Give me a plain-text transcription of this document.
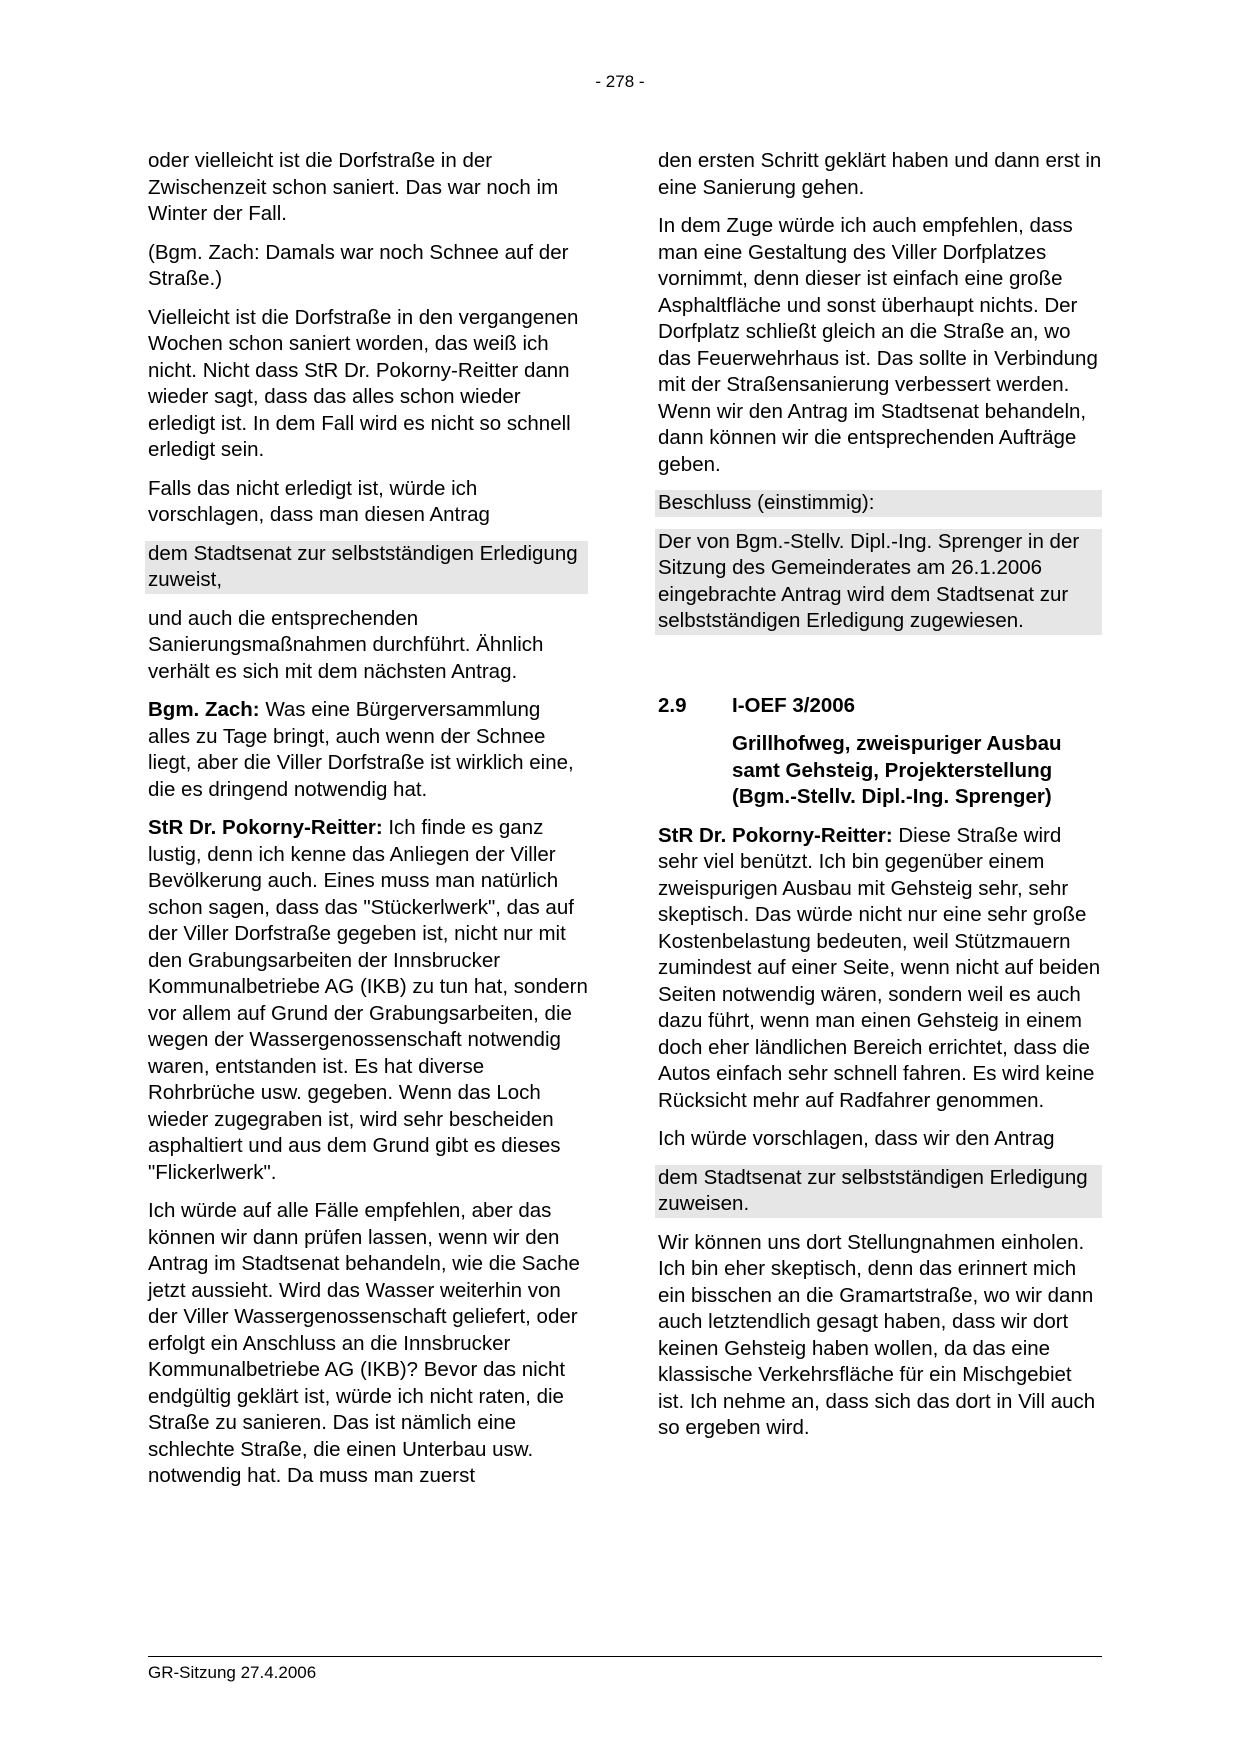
- 278 -

oder vielleicht ist die Dorfstraße in der Zwischenzeit schon saniert. Das war noch im Winter der Fall.

(Bgm. Zach: Damals war noch Schnee auf der Straße.)

Vielleicht ist die Dorfstraße in den vergangenen Wochen schon saniert worden, das weiß ich nicht. Nicht dass StR Dr. Pokorny-Reitter dann wieder sagt, dass das alles schon wieder erledigt ist. In dem Fall wird es nicht so schnell erledigt sein.

Falls das nicht erledigt ist, würde ich vorschlagen, dass man diesen Antrag

dem Stadtsenat zur selbstständigen Erledigung zuweist,

und auch die entsprechenden Sanierungsmaßnahmen durchführt. Ähnlich verhält es sich mit dem nächsten Antrag.

Bgm. Zach: Was eine Bürgerversammlung alles zu Tage bringt, auch wenn der Schnee liegt, aber die Viller Dorfstraße ist wirklich eine, die es dringend notwendig hat.

StR Dr. Pokorny-Reitter: Ich finde es ganz lustig, denn ich kenne das Anliegen der Viller Bevölkerung auch. Eines muss man natürlich schon sagen, dass das "Stückerlwerk", das auf der Viller Dorfstraße gegeben ist, nicht nur mit den Grabungsarbeiten der Innsbrucker Kommunalbetriebe AG (IKB) zu tun hat, sondern vor allem auf Grund der Grabungsarbeiten, die wegen der Wassergenossenschaft notwendig waren, entstanden ist. Es hat diverse Rohrbrüche usw. gegeben. Wenn das Loch wieder zugegraben ist, wird sehr bescheiden asphaltiert und aus dem Grund gibt es dieses "Flickerlwerk".

Ich würde auf alle Fälle empfehlen, aber das können wir dann prüfen lassen, wenn wir den Antrag im Stadtsenat behandeln, wie die Sache jetzt aussieht. Wird das Wasser weiterhin von der Viller Wassergenossenschaft geliefert, oder erfolgt ein Anschluss an die Innsbrucker Kommunalbetriebe AG (IKB)? Bevor das nicht endgültig geklärt ist, würde ich nicht raten, die Straße zu sanieren. Das ist nämlich eine schlechte Straße, die einen Unterbau usw. notwendig hat. Da muss man zuerst

den ersten Schritt geklärt haben und dann erst in eine Sanierung gehen.

In dem Zuge würde ich auch empfehlen, dass man eine Gestaltung des Viller Dorfplatzes vornimmt, denn dieser ist einfach eine große Asphaltfläche und sonst überhaupt nichts. Der Dorfplatz schließt gleich an die Straße an, wo das Feuerwehrhaus ist. Das sollte in Verbindung mit der Straßensanierung verbessert werden. Wenn wir den Antrag im Stadtsenat behandeln, dann können wir die entsprechenden Aufträge geben.

Beschluss (einstimmig):

Der von Bgm.-Stellv. Dipl.-Ing. Sprenger in der Sitzung des Gemeinderates am 26.1.2006 eingebrachte Antrag wird dem Stadtsenat zur selbstständigen Erledigung zugewiesen.

2.9 I-OEF 3/2006
Grillhofweg, zweispuriger Ausbau samt Gehsteig, Projekterstellung (Bgm.-Stellv. Dipl.-Ing. Sprenger)

StR Dr. Pokorny-Reitter: Diese Straße wird sehr viel benützt. Ich bin gegenüber einem zweispurigen Ausbau mit Gehsteig sehr, sehr skeptisch. Das würde nicht nur eine sehr große Kostenbelastung bedeuten, weil Stützmauern zumindest auf einer Seite, wenn nicht auf beiden Seiten notwendig wären, sondern weil es auch dazu führt, wenn man einen Gehsteig in einem doch eher ländlichen Bereich errichtet, dass die Autos einfach sehr schnell fahren. Es wird keine Rücksicht mehr auf Radfahrer genommen.

Ich würde vorschlagen, dass wir den Antrag

dem Stadtsenat zur selbstständigen Erledigung zuweisen.

Wir können uns dort Stellungnahmen einholen. Ich bin eher skeptisch, denn das erinnert mich ein bisschen an die Gramartstraße, wo wir dann auch letztendlich gesagt haben, dass wir dort keinen Gehsteig haben wollen, da das eine klassische Verkehrsfläche für ein Mischgebiet ist. Ich nehme an, dass sich das dort in Vill auch so ergeben wird.

GR-Sitzung 27.4.2006
